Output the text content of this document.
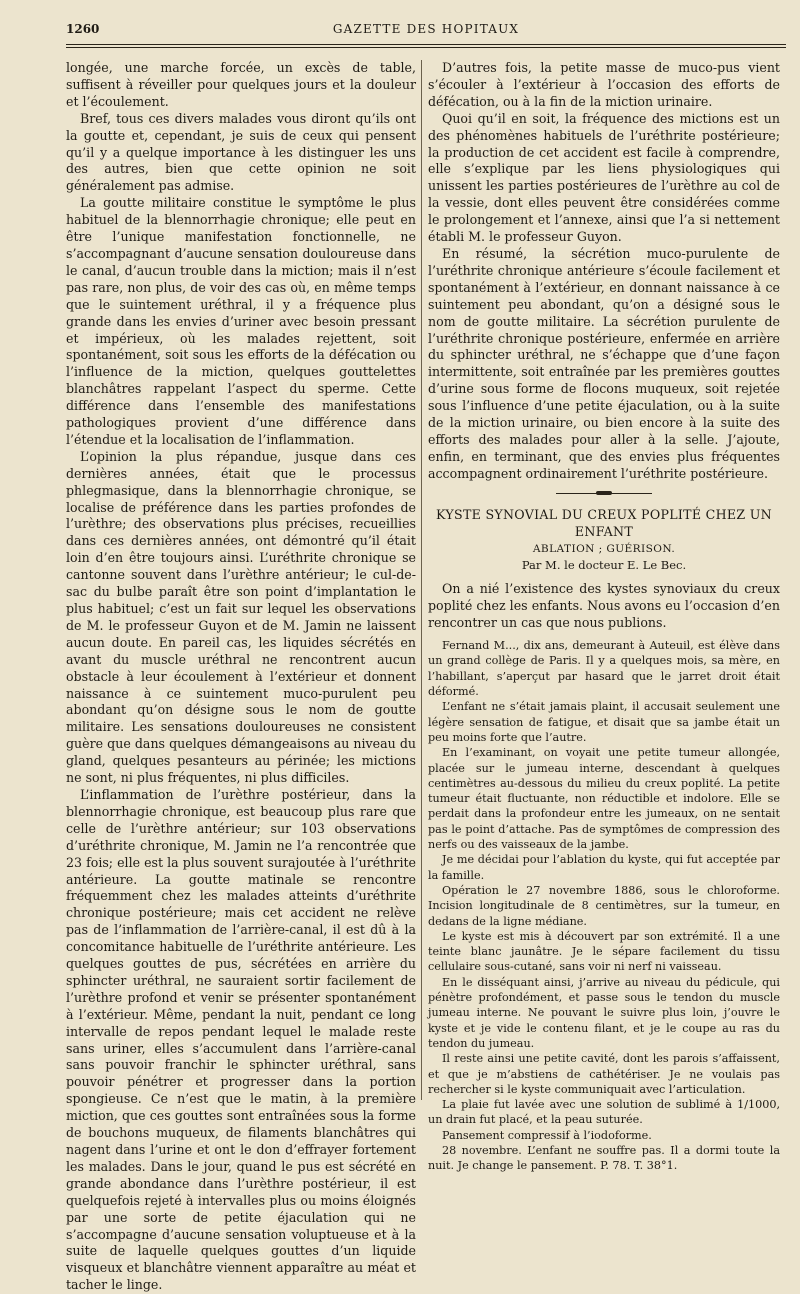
1260	GAZETTE DES HOPITAUX

longée, une marche forcée, un excès de table, suffisent à réveiller pour quelques jours et la douleur et l’écoulement.

Bref, tous ces divers malades vous diront qu’ils ont la goutte et, cependant, je suis de ceux qui pensent qu’il y a quelque importance à les distinguer les uns des autres, bien que cette opinion ne soit généralement pas admise.

La goutte militaire constitue le symptôme le plus habituel de la blennorrhagie chronique; elle peut en être l’unique manifestation fonctionnelle, ne s’accompagnant d’aucune sensation douloureuse dans le canal, d’aucun trouble dans la miction; mais il n’est pas rare, non plus, de voir des cas où, en même temps que le suintement uréthral, il y a fréquence plus grande dans les envies d’uriner avec besoin pressant et impérieux, où les malades rejettent, soit spontanément, soit sous les efforts de la défécation ou l’influence de la miction, quelques gouttelettes blanchâtres rappelant l’aspect du sperme. Cette différence dans l’ensemble des manifestations pathologiques provient d’une différence dans l’étendue et la localisation de l’inflammation.

L’opinion la plus répandue, jusque dans ces dernières années, était que le processus phlegmasique, dans la blennorrhagie chronique, se localise de préférence dans les parties profondes de l’urèthre; des observations plus précises, recueillies dans ces dernières années, ont démontré qu’il était loin d’en être toujours ainsi. L’uréthrite chronique se cantonne souvent dans l’urèthre antérieur; le cul-de-sac du bulbe paraît être son point d’implantation le plus habituel; c’est un fait sur lequel les observations de M. le professeur Guyon et de M. Jamin ne laissent aucun doute. En pareil cas, les liquides sécrétés en avant du muscle uréthral ne rencontrent aucun obstacle à leur écoulement à l’extérieur et donnent naissance à ce suintement muco-purulent peu abondant qu’on désigne sous le nom de goutte militaire. Les sensations douloureuses ne consistent guère que dans quelques démangeaisons au niveau du gland, quelques pesanteurs au périnée; les mictions ne sont, ni plus fréquentes, ni plus difficiles.

L’inflammation de l’urèthre postérieur, dans la blennorrhagie chronique, est beaucoup plus rare que celle de l’urèthre antérieur; sur 103 observations d’uréthrite chronique, M. Jamin ne l’a rencontrée que 23 fois; elle est la plus souvent surajoutée à l’uréthrite antérieure. La goutte matinale se rencontre fréquemment chez les malades atteints d’uréthrite chronique postérieure; mais cet accident ne relève pas de l’inflammation de l’arrière-canal, il est dû à la concomitance habituelle de l’uréthrite antérieure. Les quelques gouttes de pus, sécrétées en arrière du sphincter uréthral, ne sauraient sortir facilement de l’urèthre profond et venir se présenter spontanément à l’extérieur. Même, pendant la nuit, pendant ce long intervalle de repos pendant lequel le malade reste sans uriner, elles s’accumulent dans l’arrière-canal sans pouvoir franchir le sphincter uréthral, sans pouvoir pénétrer et progresser dans la portion spongieuse. Ce n’est que le matin, à la première miction, que ces gouttes sont entraînées sous la forme de bouchons muqueux, de filaments blanchâtres qui nagent dans l’urine et ont le don d’effrayer fortement les malades. Dans le jour, quand le pus est sécrété en grande abondance dans l’urèthre postérieur, il est quelquefois rejeté à intervalles plus ou moins éloignés par une sorte de petite éjaculation qui ne s’accompagne d’aucune sensation voluptueuse et à la suite de laquelle quelques gouttes d’un liquide visqueux et blanchâtre viennent apparaître au méat et tacher le linge.

D’autres fois, la petite masse de muco-pus vient s’écouler à l’extérieur à l’occasion des efforts de défécation, ou à la fin de la miction urinaire.

Quoi qu’il en soit, la fréquence des mictions est un des phénomènes habituels de l’uréthrite postérieure; la production de cet accident est facile à comprendre, elle s’explique par les liens physiologiques qui unissent les parties postérieures de l’urèthre au col de la vessie, dont elles peuvent être considérées comme le prolongement et l’annexe, ainsi que l’a si nettement établi M. le professeur Guyon.

En résumé, la sécrétion muco-purulente de l’uréthrite chronique antérieure s’écoule facilement et spontanément à l’extérieur, en donnant naissance à ce suintement peu abondant, qu’on a désigné sous le nom de goutte militaire. La sécrétion purulente de l’uréthrite chronique postérieure, enfermée en arrière du sphincter uréthral, ne s’échappe que d’une façon intermittente, soit entraînée par les premières gouttes d’urine sous forme de flocons muqueux, soit rejetée sous l’influence d’une petite éjaculation, ou à la suite de la miction urinaire, ou bien encore à la suite des efforts des malades pour aller à la selle. J’ajoute, enfin, en terminant, que des envies plus fréquentes accompagnent ordinairement l’uréthrite postérieure.

KYSTE SYNOVIAL DU CREUX POPLITÉ CHEZ UN ENFANT
ABLATION ; GUÉRISON.
Par M. le docteur E. Le Bec.

On a nié l’existence des kystes synoviaux du creux poplité chez les enfants. Nous avons eu l’occasion d’en rencontrer un cas que nous publions.

Fernand M..., dix ans, demeurant à Auteuil, est élève dans un grand collège de Paris. Il y a quelques mois, sa mère, en l’habillant, s’aperçut par hasard que le jarret droit était déformé.

L’enfant ne s’était jamais plaint, il accusait seulement une légère sensation de fatigue, et disait que sa jambe était un peu moins forte que l’autre.

En l’examinant, on voyait une petite tumeur allongée, placée sur le jumeau interne, descendant à quelques centimètres au-dessous du milieu du creux poplité. La petite tumeur était fluctuante, non réductible et indolore. Elle se perdait dans la profondeur entre les jumeaux, on ne sentait pas le point d’attache. Pas de symptômes de compression des nerfs ou des vaisseaux de la jambe.

Je me décidai pour l’ablation du kyste, qui fut acceptée par la famille.

Opération le 27 novembre 1886, sous le chloroforme. Incision longitudinale de 8 centimètres, sur la tumeur, en dedans de la ligne médiane.

Le kyste est mis à découvert par son extrémité. Il a une teinte blanc jaunâtre. Je le sépare facilement du tissu cellulaire sous-cutané, sans voir ni nerf ni vaisseau.

En le disséquant ainsi, j’arrive au niveau du pédicule, qui pénètre profondément, et passe sous le tendon du muscle jumeau interne. Ne pouvant le suivre plus loin, j’ouvre le kyste et je vide le contenu filant, et je le coupe au ras du tendon du jumeau.

Il reste ainsi une petite cavité, dont les parois s’affaissent, et que je m’abstiens de cathétériser. Je ne voulais pas rechercher si le kyste communiquait avec l’articulation.

La plaie fut lavée avec une solution de sublimé à 1/1000, un drain fut placé, et la peau suturée.

Pansement compressif à l’iodoforme.

28 novembre. L’enfant ne souffre pas. Il a dormi toute la nuit. Je change le pansement. P. 78. T. 38°1.
